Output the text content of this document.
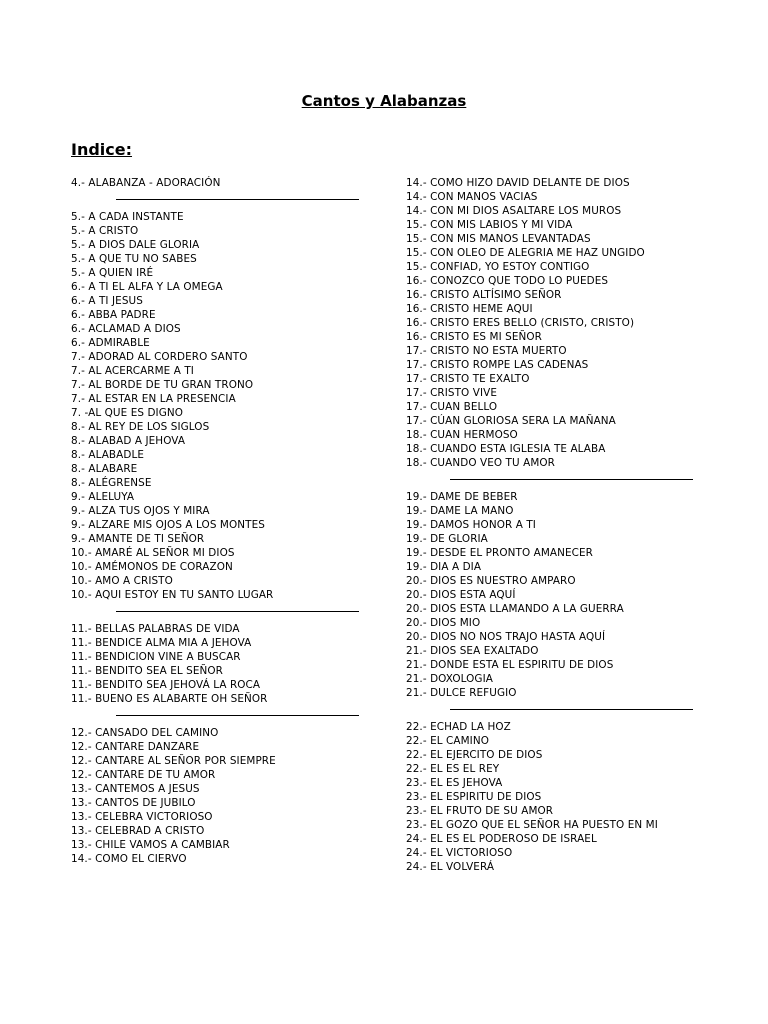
Cantos y Alabanzas
Indice:
4.- ALABANZA - ADORACIÓN
5.- A CADA INSTANTE
5.- A CRISTO
5.- A DIOS DALE GLORIA
5.- A QUE TU NO SABES
5.- A QUIEN IRÉ
6.- A TI EL ALFA Y LA OMEGA
6.- A TI JESUS
6.- ABBA PADRE
6.- ACLAMAD A DIOS
6.- ADMIRABLE
7.- ADORAD AL CORDERO SANTO
7.- AL ACERCARME A TI
7.- AL BORDE DE TU GRAN TRONO
7.- AL ESTAR EN LA PRESENCIA
7. -AL QUE ES DIGNO
8.- AL REY DE LOS SIGLOS
8.- ALABAD A JEHOVA
8.- ALABADLE
8.- ALABARE
8.- ALÉGRENSE
9.- ALELUYA
9.- ALZA TUS OJOS Y MIRA
9.- ALZARE MIS OJOS A LOS MONTES
9.- AMANTE DE TI SEÑOR
10.- AMARÉ AL SEÑOR MI DIOS
10.- AMÉMONOS DE CORAZON
10.- AMO A CRISTO
10.- AQUI ESTOY EN TU SANTO LUGAR
11.- BELLAS PALABRAS DE VIDA
11.- BENDICE ALMA MIA A JEHOVA
11.- BENDICION VINE A BUSCAR
11.- BENDITO SEA EL SEÑOR
11.- BENDITO SEA JEHOVÁ LA ROCA
11.- BUENO ES ALABARTE OH SEÑOR
12.- CANSADO DEL CAMINO
12.- CANTARE DANZARE
12.- CANTARE AL SEÑOR POR SIEMPRE
12.- CANTARE DE TU AMOR
13.- CANTEMOS A JESUS
13.- CANTOS DE JUBILO
13.- CELEBRA VICTORIOSO
13.- CELEBRAD A CRISTO
13.- CHILE VAMOS A CAMBIAR
14.- COMO EL CIERVO
14.- COMO HIZO DAVID DELANTE DE DIOS
14.- CON MANOS VACIAS
14.- CON MI DIOS ASALTARE LOS MUROS
15.- CON MIS LABIOS Y MI VIDA
15.- CON MIS MANOS LEVANTADAS
15.- CON OLEO DE ALEGRIA ME HAZ UNGIDO
15.- CONFIAD, YO ESTOY CONTIGO
16.- CONOZCO QUE TODO LO PUEDES
16.- CRISTO ALTÍSIMO SEÑOR
16.- CRISTO HEME AQUI
16.- CRISTO ERES BELLO (CRISTO, CRISTO)
16.- CRISTO ES MI SEÑOR
17.- CRISTO NO ESTA MUERTO
17.- CRISTO ROMPE LAS CADENAS
17.- CRISTO TE EXALTO
17.- CRISTO VIVE
17.- CUAN BELLO
17.- CÚAN GLORIOSA SERA LA MAÑANA
18.- CUAN HERMOSO
18.- CUANDO ESTA IGLESIA TE ALABA
18.- CUANDO VEO TU AMOR
19.- DAME DE BEBER
19.- DAME LA MANO
19.- DAMOS HONOR A TI
19.- DE GLORIA
19.- DESDE EL PRONTO AMANECER
19.- DIA A DIA
20.- DIOS ES NUESTRO AMPARO
20.- DIOS ESTA AQUÍ
20.- DIOS ESTA LLAMANDO A LA GUERRA
20.- DIOS MIO
20.- DIOS NO NOS TRAJO HASTA AQUÍ
21.- DIOS SEA EXALTADO
21.- DONDE ESTA EL ESPIRITU DE DIOS
21.- DOXOLOGIA
21.- DULCE REFUGIO
22.- ECHAD LA HOZ
22.- EL CAMINO
22.- EL EJERCITO DE DIOS
22.- EL ES EL REY
23.- EL ES JEHOVA
23.- EL ESPIRITU DE DIOS
23.- EL FRUTO DE SU AMOR
23.- EL GOZO QUE EL SEÑOR HA PUESTO EN MI
24.- EL ES EL PODEROSO DE ISRAEL
24.- EL VICTORIOSO
24.- EL VOLVERÁ
